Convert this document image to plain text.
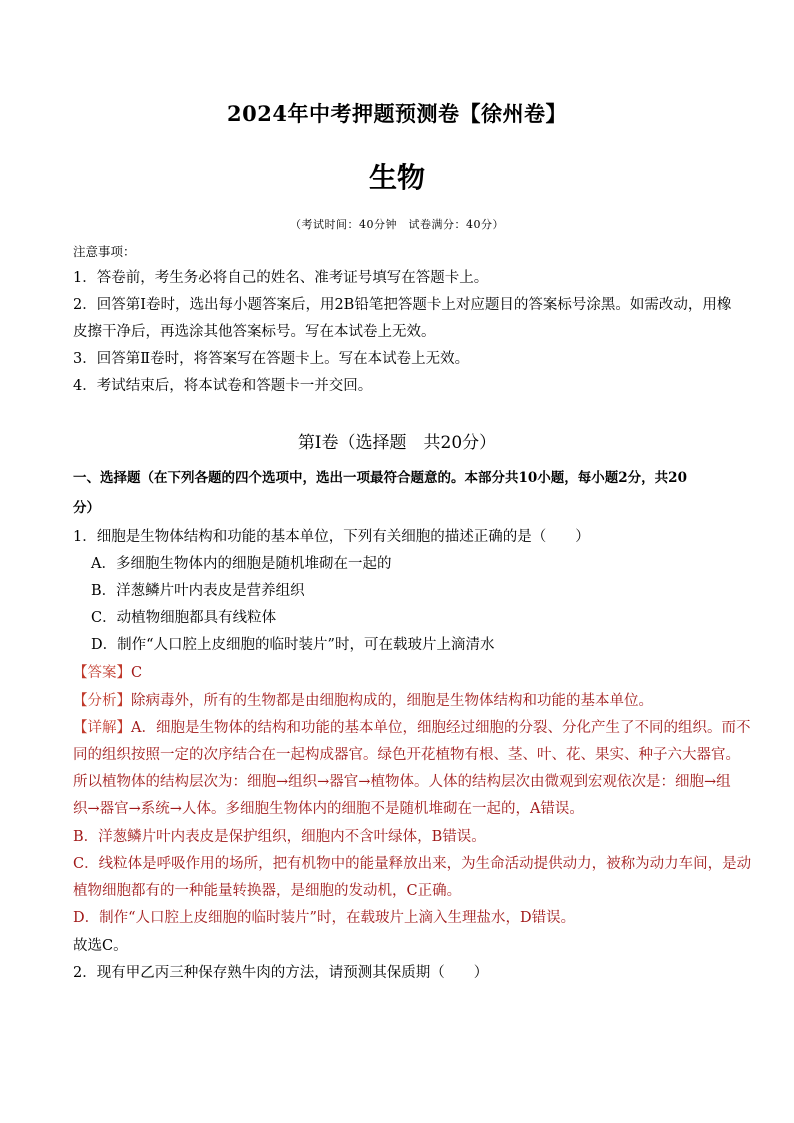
2024年中考押题预测卷【徐州卷】
生物
（考试时间：40分钟　试卷满分：40分）
注意事项：
1．答卷前，考生务必将自己的姓名、准考证号填写在答题卡上。
2．回答第Ⅰ卷时，选出每小题答案后，用2B铅笔把答题卡上对应题目的答案标号涂黑。如需改动，用橡
皮擦干净后，再选涂其他答案标号。写在本试卷上无效。
3．回答第Ⅱ卷时，将答案写在答题卡上。写在本试卷上无效。
4．考试结束后，将本试卷和答题卡一并交回。
第Ⅰ卷（选择题　共20分）
一、选择题（在下列各题的四个选项中，选出一项最符合题意的。本部分共10小题，每小题2分，共20
分）
1．细胞是生物体结构和功能的基本单位，下列有关细胞的描述正确的是（　　）
A．多细胞生物体内的细胞是随机堆砌在一起的
B．洋葱鳞片叶内表皮是营养组织
C．动植物细胞都具有线粒体
D．制作“人口腔上皮细胞的临时装片”时，可在载玻片上滴清水
【答案】C
【分析】除病毒外，所有的生物都是由细胞构成的，细胞是生物体结构和功能的基本单位。
【详解】A．细胞是生物体的结构和功能的基本单位，细胞经过细胞的分裂、分化产生了不同的组织。而不
同的组织按照一定的次序结合在一起构成器官。绿色开花植物有根、茎、叶、花、果实、种子六大器官。
所以植物体的结构层次为：细胞→组织→器官→植物体。人体的结构层次由微观到宏观依次是：细胞→组
织→器官→系统→人体。多细胞生物体内的细胞不是随机堆砌在一起的，A错误。
B．洋葱鳞片叶内表皮是保护组织，细胞内不含叶绿体，B错误。
C．线粒体是呼吸作用的场所，把有机物中的能量释放出来，为生命活动提供动力，被称为动力车间，是动
植物细胞都有的一种能量转换器，是细胞的发动机，C正确。
D．制作“人口腔上皮细胞的临时装片”时，在载玻片上滴入生理盐水，D错误。
故选C。
2．现有甲乙丙三种保存熟牛肉的方法，请预测其保质期（　　）
